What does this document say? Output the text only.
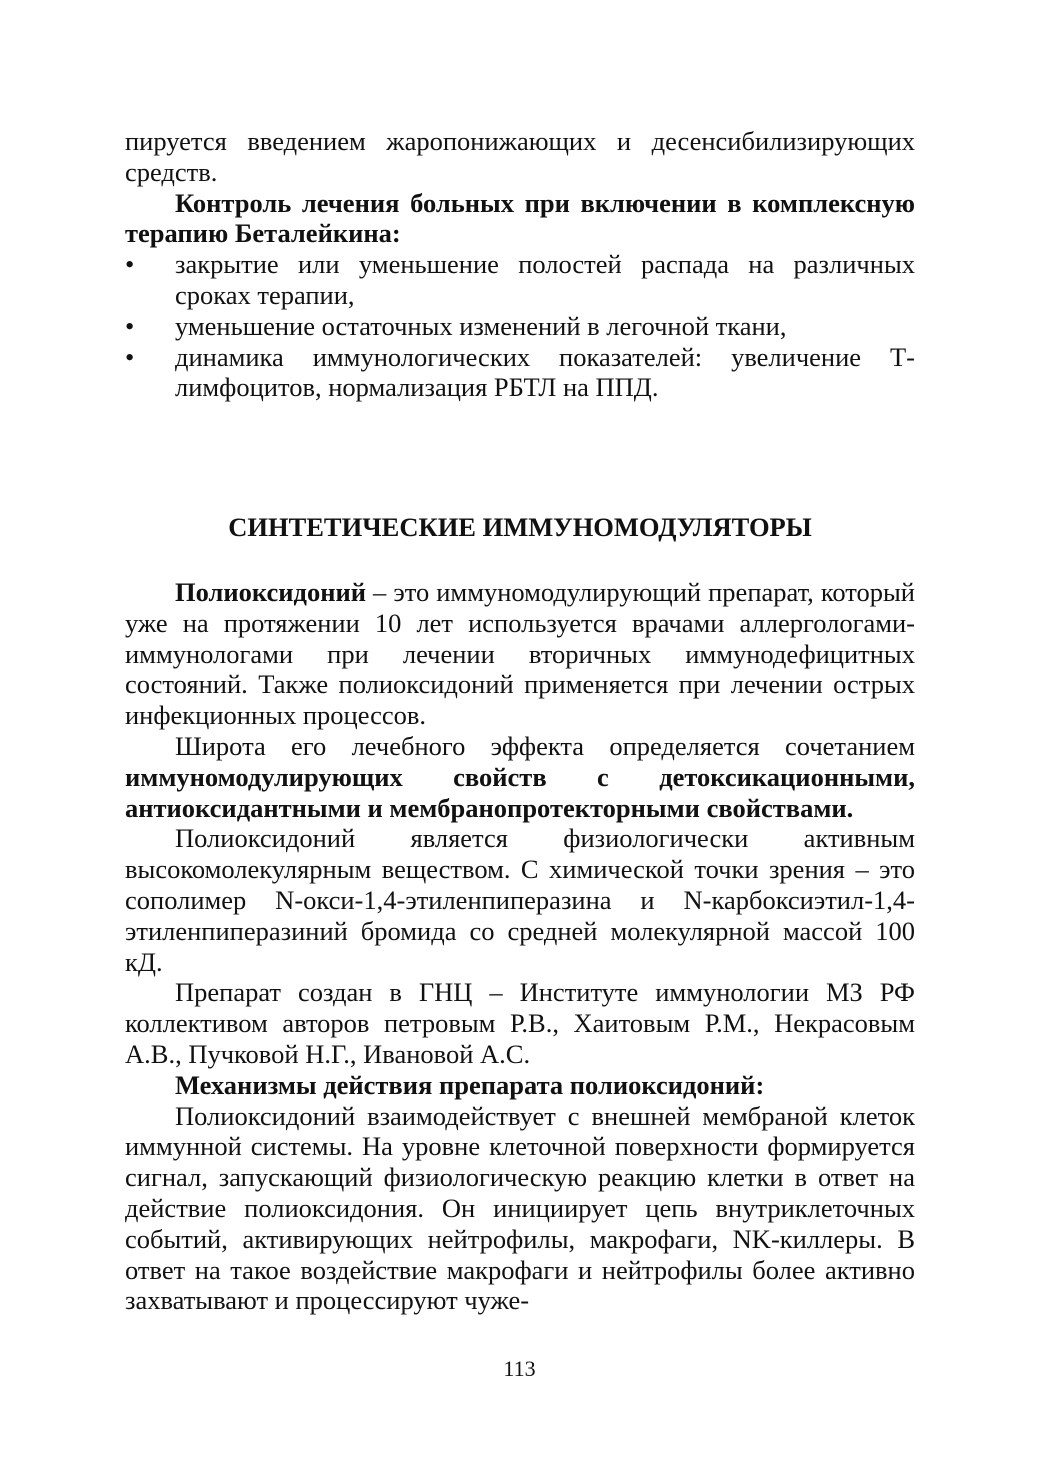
пируется введением жаропонижающих и десенсибилизирующих средств.

Контроль лечения больных при включении в комплексную терапию Беталейкина:

• закрытие или уменьшение полостей распада на различных сроках терапии,
• уменьшение остаточных изменений в легочной ткани,
• динамика иммунологических показателей: увеличение Т-лимфоцитов, нормализация РБТЛ на ППД.
СИНТЕТИЧЕСКИЕ ИММУНОМОДУЛЯТОРЫ

Полиоксидоний – это иммуномодулирующий препарат, который уже на протяжении 10 лет используется врачами аллергологами-иммунологами при лечении вторичных иммунодефицитных состояний. Также полиоксидоний применяется при лечении острых инфекционных процессов.

Широта его лечебного эффекта определяется сочетанием иммуномодулирующих свойств с детоксикационными, антиоксидантными и мембранопротекторными свойствами.

Полиоксидоний является физиологически активным высокомолекулярным веществом. С химической точки зрения – это сополимер N-окси-1,4-этиленпиперазина и N-карбоксиэтил-1,4-этиленпиперазиний бромида со средней молекулярной массой 100 кД.

Препарат создан в ГНЦ – Институте иммунологии МЗ РФ коллективом авторов петровым Р.В., Хаитовым Р.М., Некрасовым А.В., Пучковой Н.Г., Ивановой А.С.

Механизмы действия препарата полиоксидоний:

Полиоксидоний взаимодействует с внешней мембраной клеток иммунной системы. На уровне клеточной поверхности формируется сигнал, запускающий физиологическую реакцию клетки в ответ на действие полиоксидония. Он инициирует цепь внутриклеточных событий, активирующих нейтрофилы, макрофаги, NK-киллеры. В ответ на такое воздействие макрофаги и нейтрофилы более активно захватывают и процессируют чуже-

113
